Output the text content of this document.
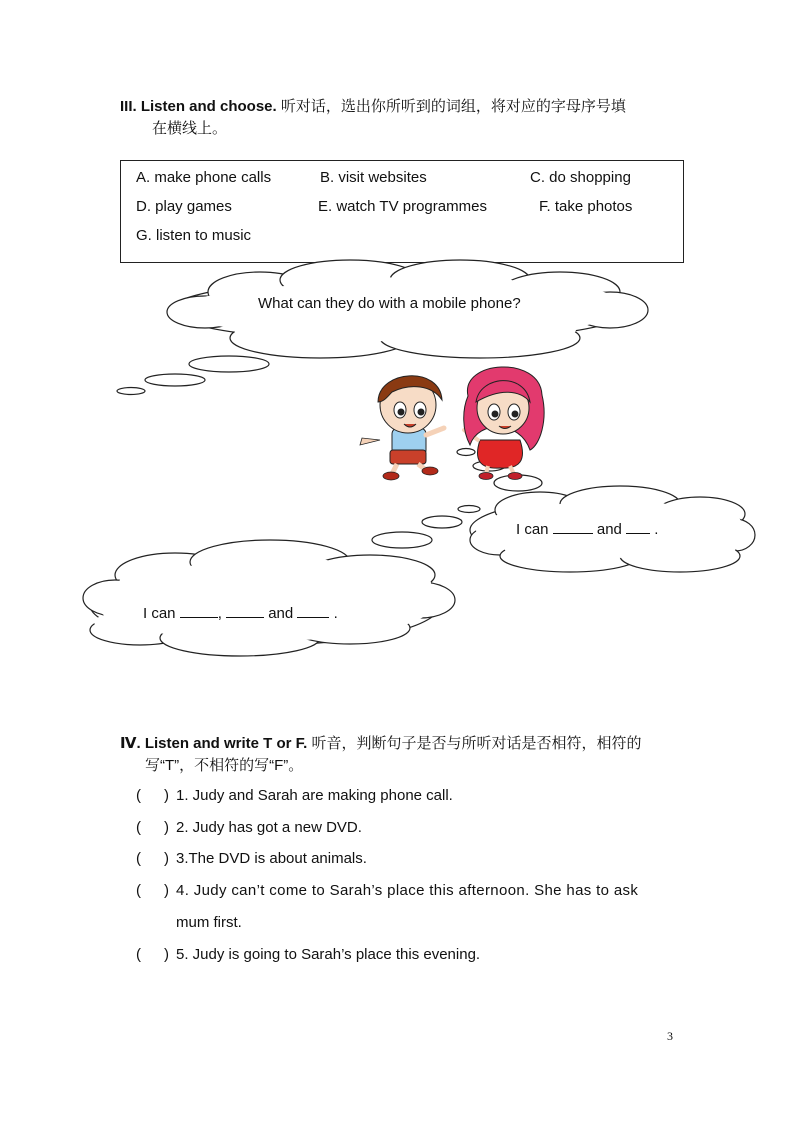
III. Listen and choose. 听对话，选出你所听到的词组，将对应的字母序号填
在横线上。
A. make phone calls	B. visit websites	C. do shopping
D. play games	E. watch TV programmes	F. take photos
G. listen to music
What can they do with a mobile phone?
I can	and .
I can	,	and	.
Ⅳ. Listen and write T or F. 听音，判断句子是否与所听对话是否相符，相符的
写“T”，不相符的写“F”。
( ) 1. Judy and Sarah are making phone call.
( ) 2. Judy has got a new DVD.
( ) 3.The DVD is about animals.
( ) 4. Judy can’t come to Sarah’s place this afternoon. She has to ask
mum first.
( ) 5. Judy is going to Sarah’s place this evening.
3
